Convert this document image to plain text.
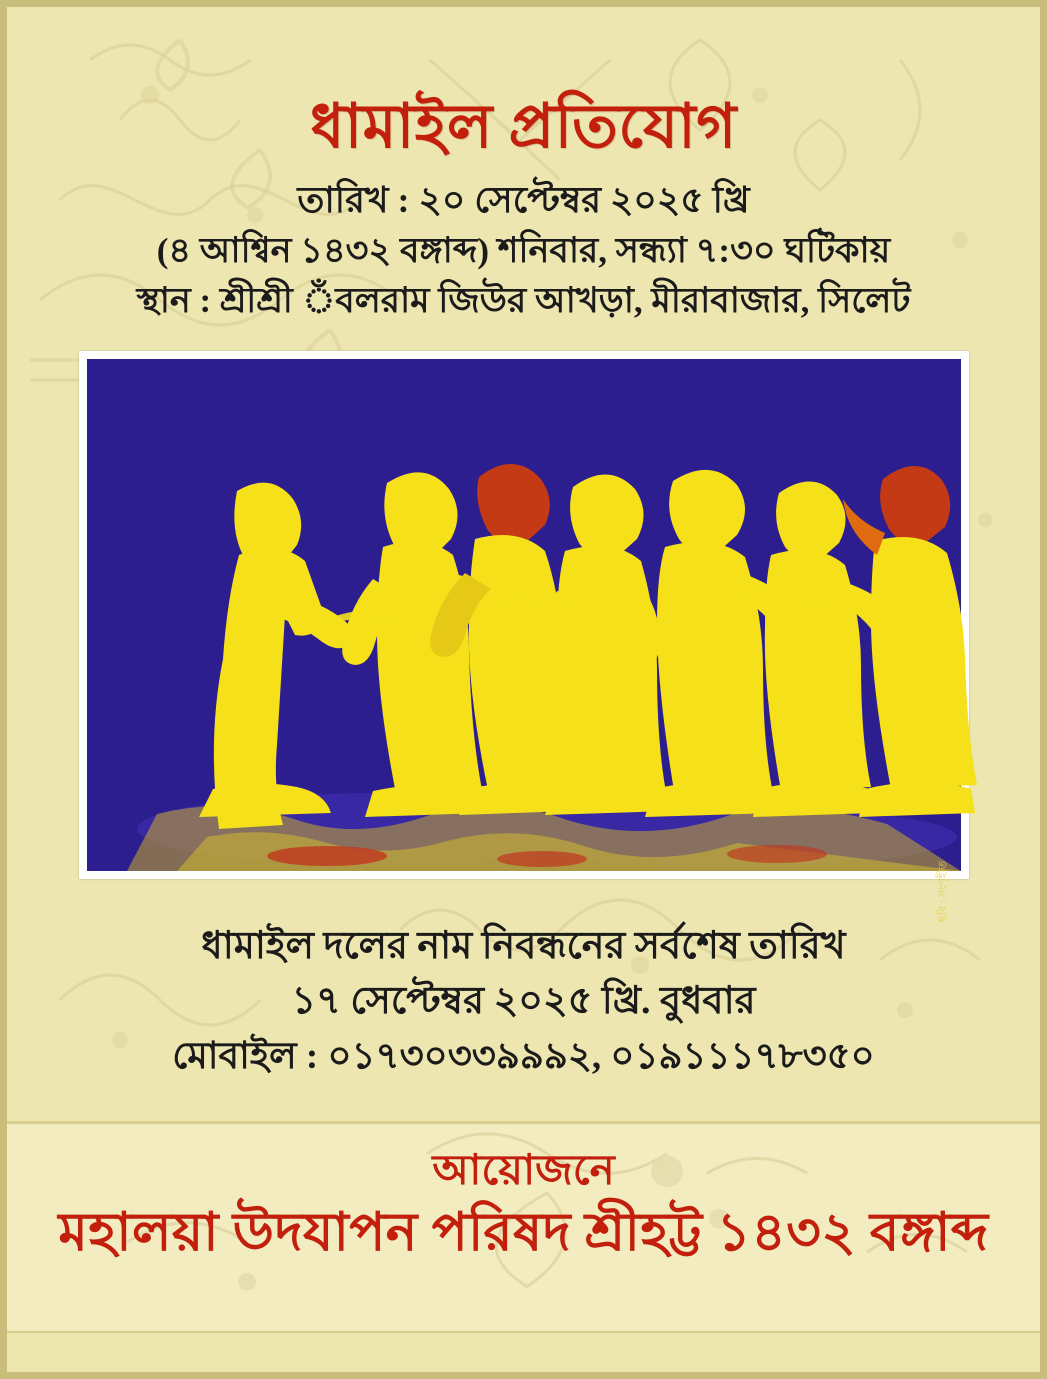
ধামাইল প্রতিযোগ

তারিখ : ২০ সেপ্টেম্বর ২০২৫ খ্রি

(৪ আশ্বিন ১৪৩২ বঙ্গাব্দ) শনিবার, সন্ধ্যা ৭:৩০ ঘটিকায়

স্থান : শ্রীশ্রী ঁবলরাম জিউর আখড়া, মীরাবাজার, সিলেট

ছবি : সংগৃহীত

ধামাইল দলের নাম নিবন্ধনের সর্বশেষ তারিখ

১৭ সেপ্টেম্বর ২০২৫ খ্রি. বুধবার

মোবাইল : ০১৭৩০৩৩৯৯৯২, ০১৯১১১৭৮৩৫০

আয়োজনে

মহালয়া উদযাপন পরিষদ শ্রীহট্ট ১৪৩২ বঙ্গাব্দ
